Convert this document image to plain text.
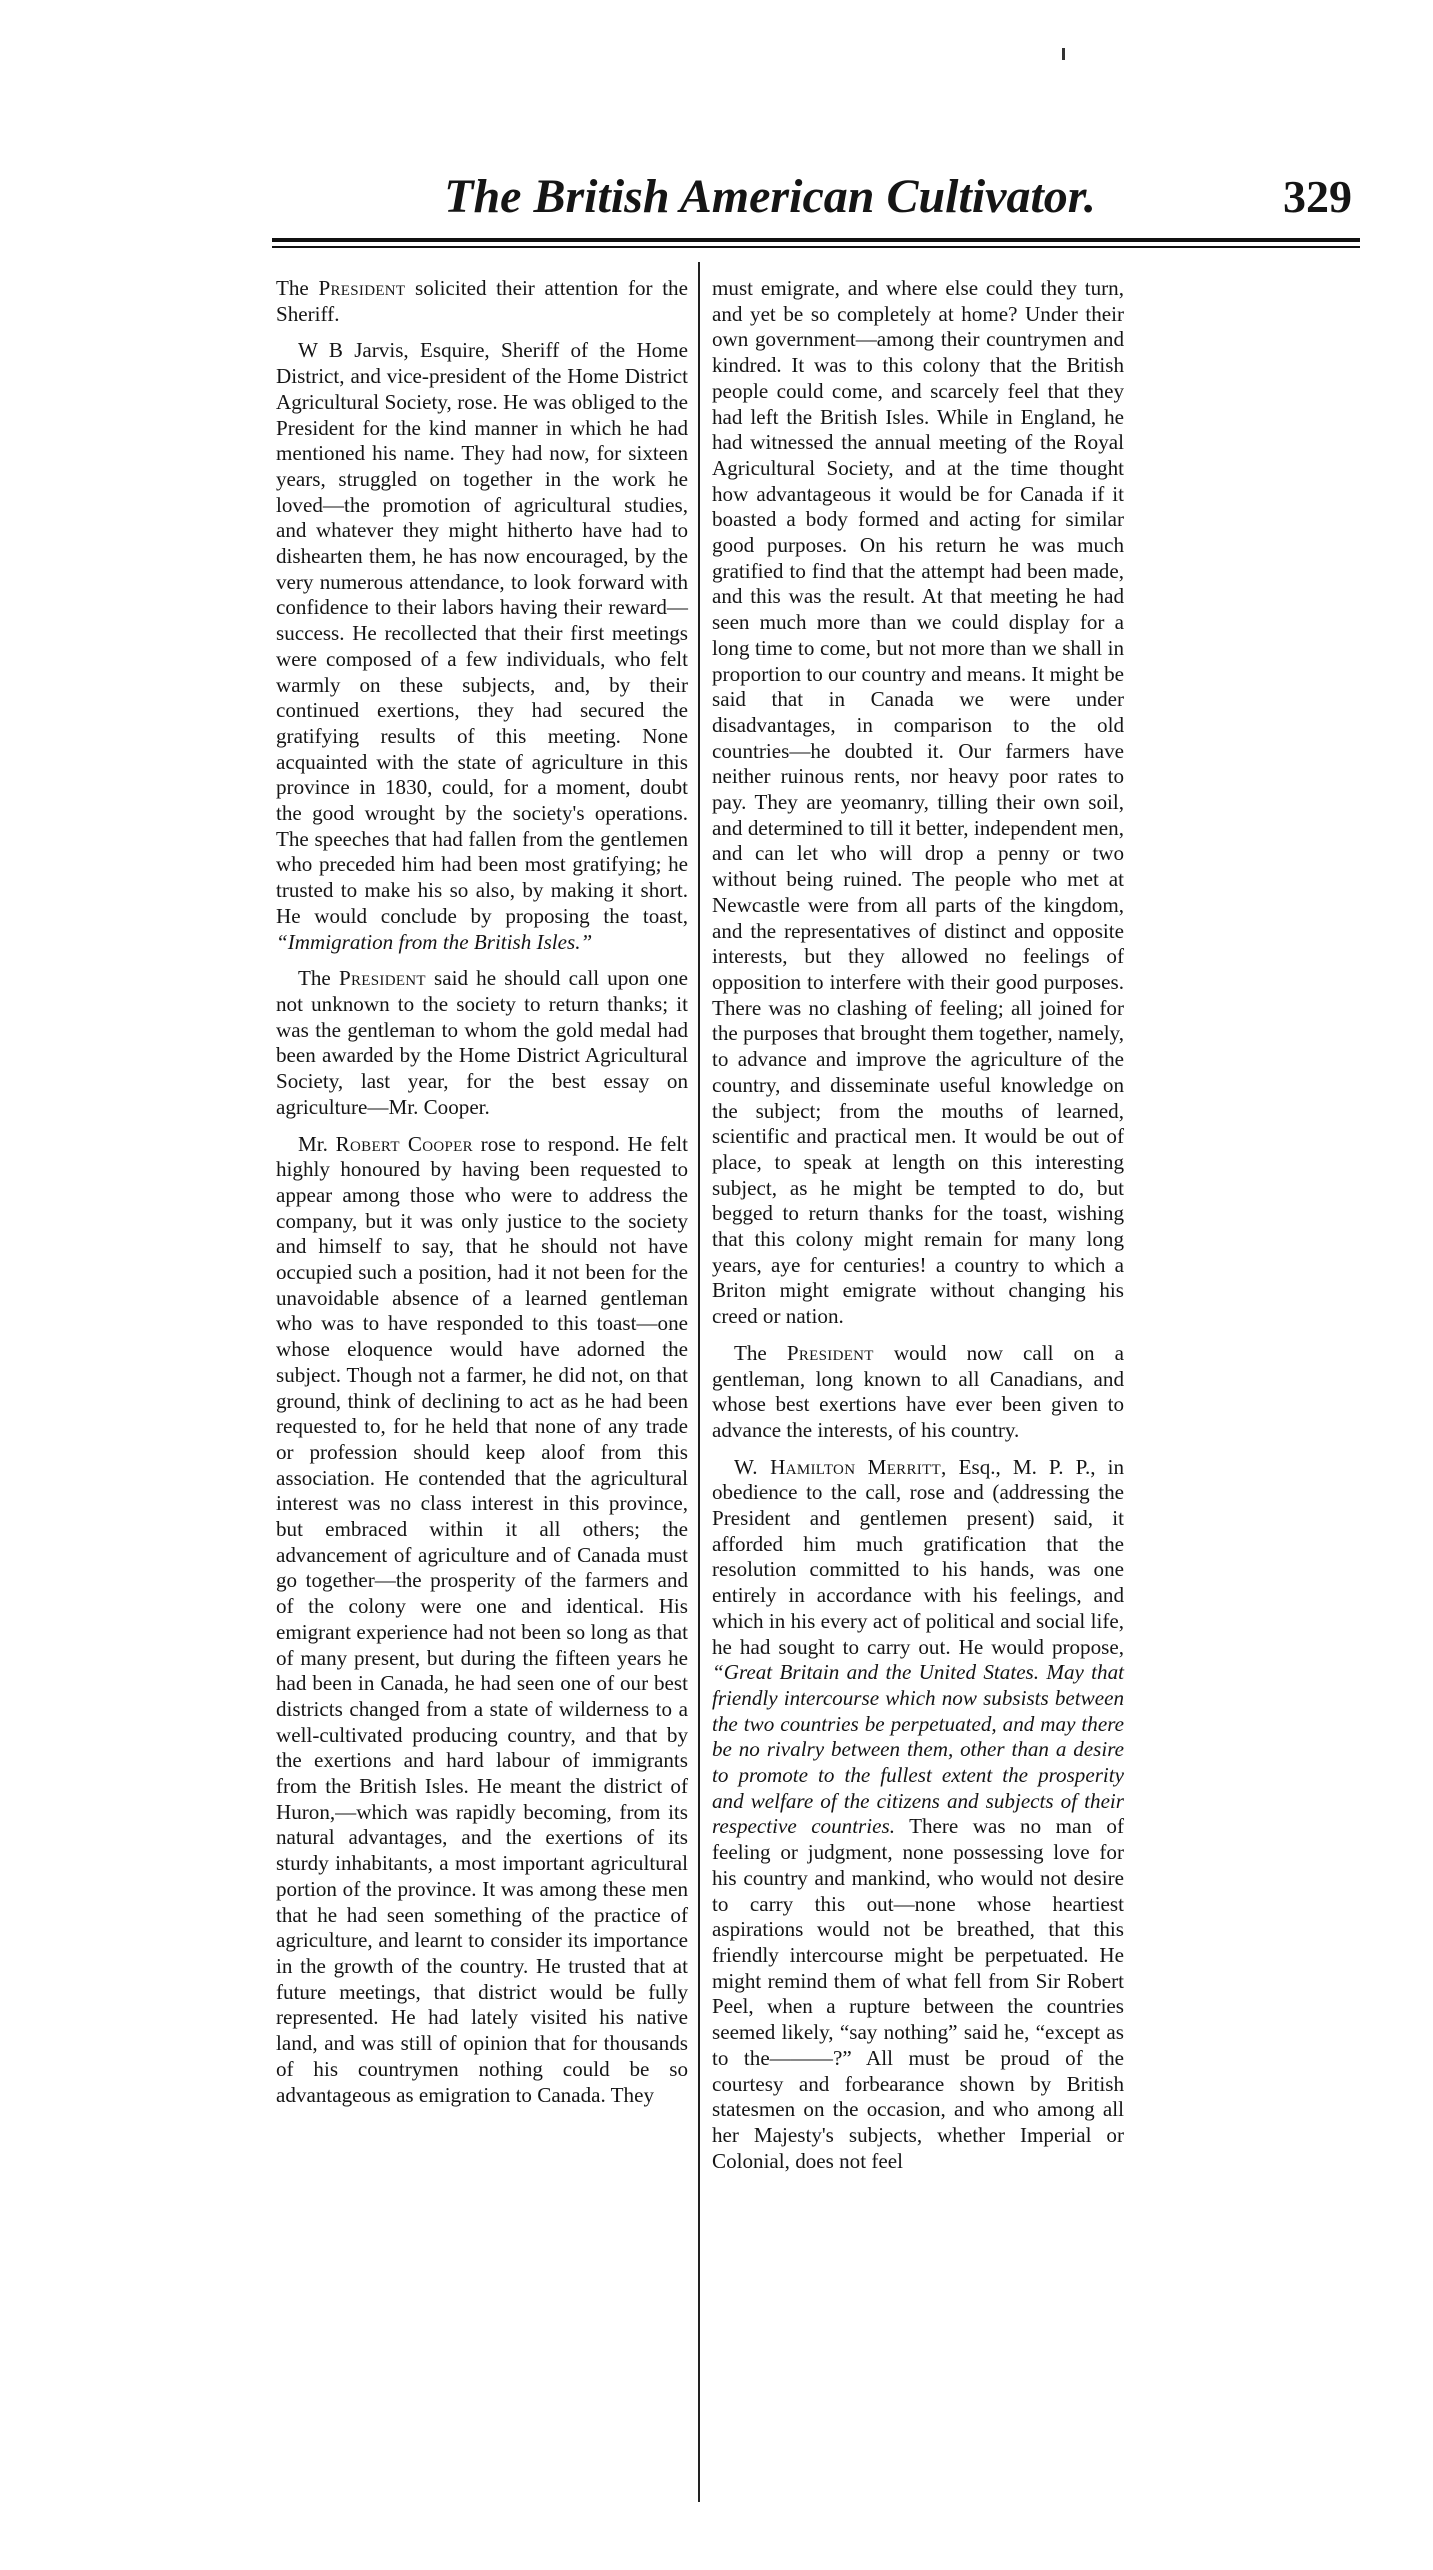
The British American Cultivator.	329

The President solicited their attention for the Sheriff.

W B Jarvis, Esquire, Sheriff of the Home District, and vice-president of the Home District Agricultural Society, rose. He was obliged to the President for the kind manner in which he had mentioned his name. They had now, for sixteen years, struggled on together in the work he loved—the promotion of agricultural studies, and whatever they might hitherto have had to dishearten them, he has now encouraged, by the very numerous attendance, to look forward with confidence to their labors having their reward—success. He recollected that their first meetings were composed of a few individuals, who felt warmly on these subjects, and, by their continued exertions, they had secured the gratifying results of this meeting. None acquainted with the state of agriculture in this province in 1830, could, for a moment, doubt the good wrought by the society's operations. The speeches that had fallen from the gentlemen who preceded him had been most gratifying; he trusted to make his so also, by making it short. He would conclude by proposing the toast, “Immigration from the British Isles.”

The President said he should call upon one not unknown to the society to return thanks; it was the gentleman to whom the gold medal had been awarded by the Home District Agricultural Society, last year, for the best essay on agriculture—Mr. Cooper.

Mr. Robert Cooper rose to respond. He felt highly honoured by having been requested to appear among those who were to address the company, but it was only justice to the society and himself to say, that he should not have occupied such a position, had it not been for the unavoidable absence of a learned gentleman who was to have responded to this toast—one whose eloquence would have adorned the subject. Though not a farmer, he did not, on that ground, think of declining to act as he had been requested to, for he held that none of any trade or profession should keep aloof from this association. He contended that the agricultural interest was no class interest in this province, but embraced within it all others; the advancement of agriculture and of Canada must go together—the prosperity of the farmers and of the colony were one and identical. His emigrant experience had not been so long as that of many present, but during the fifteen years he had been in Canada, he had seen one of our best districts changed from a state of wilderness to a well-cultivated producing country, and that by the exertions and hard labour of immigrants from the British Isles. He meant the district of Huron,—which was rapidly becoming, from its natural advantages, and the exertions of its sturdy inhabitants, a most important agricultural portion of the province. It was among these men that he had seen something of the practice of agriculture, and learnt to consider its importance in the growth of the country. He trusted that at future meetings, that district would be fully represented. He had lately visited his native land, and was still of opinion that for thousands of his countrymen nothing could be so advantageous as emigration to Canada. They

must emigrate, and where else could they turn, and yet be so completely at home? Under their own government—among their countrymen and kindred. It was to this colony that the British people could come, and scarcely feel that they had left the British Isles. While in England, he had witnessed the annual meeting of the Royal Agricultural Society, and at the time thought how advantageous it would be for Canada if it boasted a body formed and acting for similar good purposes. On his return he was much gratified to find that the attempt had been made, and this was the result. At that meeting he had seen much more than we could display for a long time to come, but not more than we shall in proportion to our country and means. It might be said that in Canada we were under disadvantages, in comparison to the old countries—he doubted it. Our farmers have neither ruinous rents, nor heavy poor rates to pay. They are yeomanry, tilling their own soil, and determined to till it better, independent men, and can let who will drop a penny or two without being ruined. The people who met at Newcastle were from all parts of the kingdom, and the representatives of distinct and opposite interests, but they allowed no feelings of opposition to interfere with their good purposes. There was no clashing of feeling; all joined for the purposes that brought them together, namely, to advance and improve the agriculture of the country, and disseminate useful knowledge on the subject; from the mouths of learned, scientific and practical men. It would be out of place, to speak at length on this interesting subject, as he might be tempted to do, but begged to return thanks for the toast, wishing that this colony might remain for many long years, aye for centuries! a country to which a Briton might emigrate without changing his creed or nation.

The President would now call on a gentleman, long known to all Canadians, and whose best exertions have ever been given to advance the interests, of his country.

W. Hamilton Merritt, Esq., M. P. P., in obedience to the call, rose and (addressing the President and gentlemen present) said, it afforded him much gratification that the resolution committed to his hands, was one entirely in accordance with his feelings, and which in his every act of political and social life, he had sought to carry out. He would propose, “Great Britain and the United States. May that friendly intercourse which now subsists between the two countries be perpetuated, and may there be no rivalry between them, other than a desire to promote to the fullest extent the prosperity and welfare of the citizens and subjects of their respective countries. There was no man of feeling or judgment, none possessing love for his country and mankind, who would not desire to carry this out—none whose heartiest aspirations would not be breathed, that this friendly intercourse might be perpetuated. He might remind them of what fell from Sir Robert Peel, when a rupture between the countries seemed likely, “say nothing” said he, “except as to the———?” All must be proud of the courtesy and forbearance shown by British statesmen on the occasion, and who among all her Majesty's subjects, whether Imperial or Colonial, does not feel
